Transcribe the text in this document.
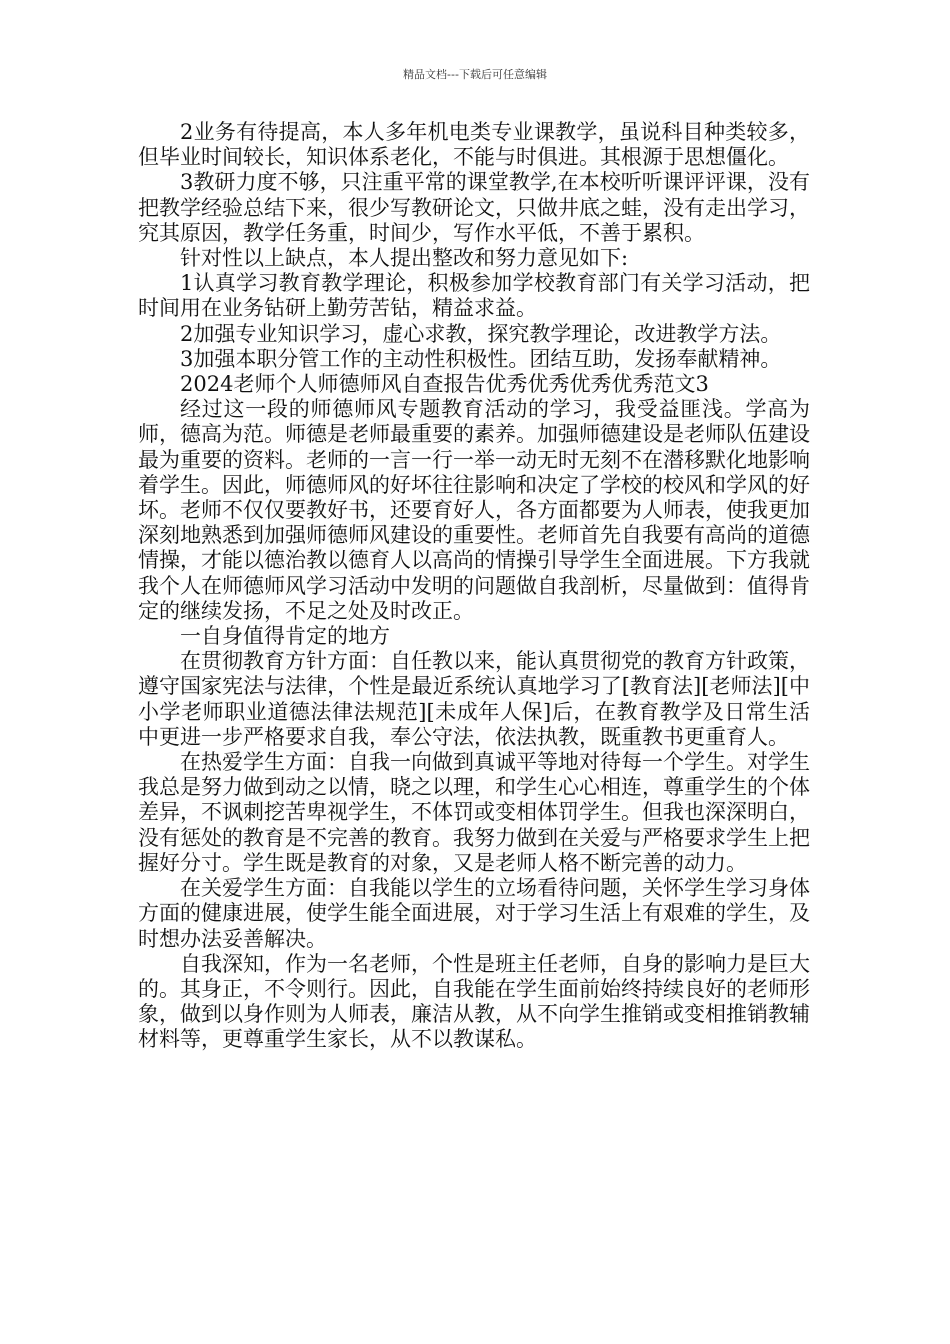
精品文档---下载后可任意编辑

2业务有待提高，本人多年机电类专业课教学，虽说科目种类较多，但毕业时间较长，知识体系老化，不能与时俱进。其根源于思想僵化。

3教研力度不够，只注重平常的课堂教学,在本校听听课评评课，没有把教学经验总结下来，很少写教研论文，只做井底之蛙，没有走出学习，究其原因，教学任务重，时间少，写作水平低，不善于累积。

针对性以上缺点，本人提出整改和努力意见如下:

1认真学习教育教学理论，积极参加学校教育部门有关学习活动，把时间用在业务钻研上勤劳苦钻，精益求益。

2加强专业知识学习，虚心求教，探究教学理论，改进教学方法。

3加强本职分管工作的主动性积极性。团结互助，发扬奉献精神。

2024老师个人师德师风自查报告优秀优秀优秀优秀范文3

经过这一段的师德师风专题教育活动的学习，我受益匪浅。学高为师，德高为范。师德是老师最重要的素养。加强师德建设是老师队伍建设最为重要的资料。老师的一言一行一举一动无时无刻不在潜移默化地影响着学生。因此，师德师风的好坏往往影响和决定了学校的校风和学风的好坏。老师不仅仅要教好书，还要育好人，各方面都要为人师表，使我更加深刻地熟悉到加强师德师风建设的重要性。老师首先自我要有高尚的道德情操，才能以德治教以德育人以高尚的情操引导学生全面进展。下方我就我个人在师德师风学习活动中发明的问题做自我剖析，尽量做到：值得肯定的继续发扬，不足之处及时改正。

一自身值得肯定的地方

在贯彻教育方针方面：自任教以来，能认真贯彻党的教育方针政策，遵守国家宪法与法律，个性是最近系统认真地学习了[教育法][老师法][中小学老师职业道德法律法规范][未成年人保]后，在教育教学及日常生活中更进一步严格要求自我，奉公守法，依法执教，既重教书更重育人。

在热爱学生方面：自我一向做到真诚平等地对待每一个学生。对学生我总是努力做到动之以情，晓之以理，和学生心心相连，尊重学生的个体差异，不讽刺挖苦卑视学生，不体罚或变相体罚学生。但我也深深明白，没有惩处的教育是不完善的教育。我努力做到在关爱与严格要求学生上把握好分寸。学生既是教育的对象，又是老师人格不断完善的动力。

在关爱学生方面：自我能以学生的立场看待问题，关怀学生学习身体方面的健康进展，使学生能全面进展，对于学习生活上有艰难的学生，及时想办法妥善解决。

自我深知，作为一名老师，个性是班主任老师，自身的影响力是巨大的。其身正，不令则行。因此，自我能在学生面前始终持续良好的老师形象，做到以身作则为人师表，廉洁从教，从不向学生推销或变相推销教辅材料等，更尊重学生家长，从不以教谋私。
